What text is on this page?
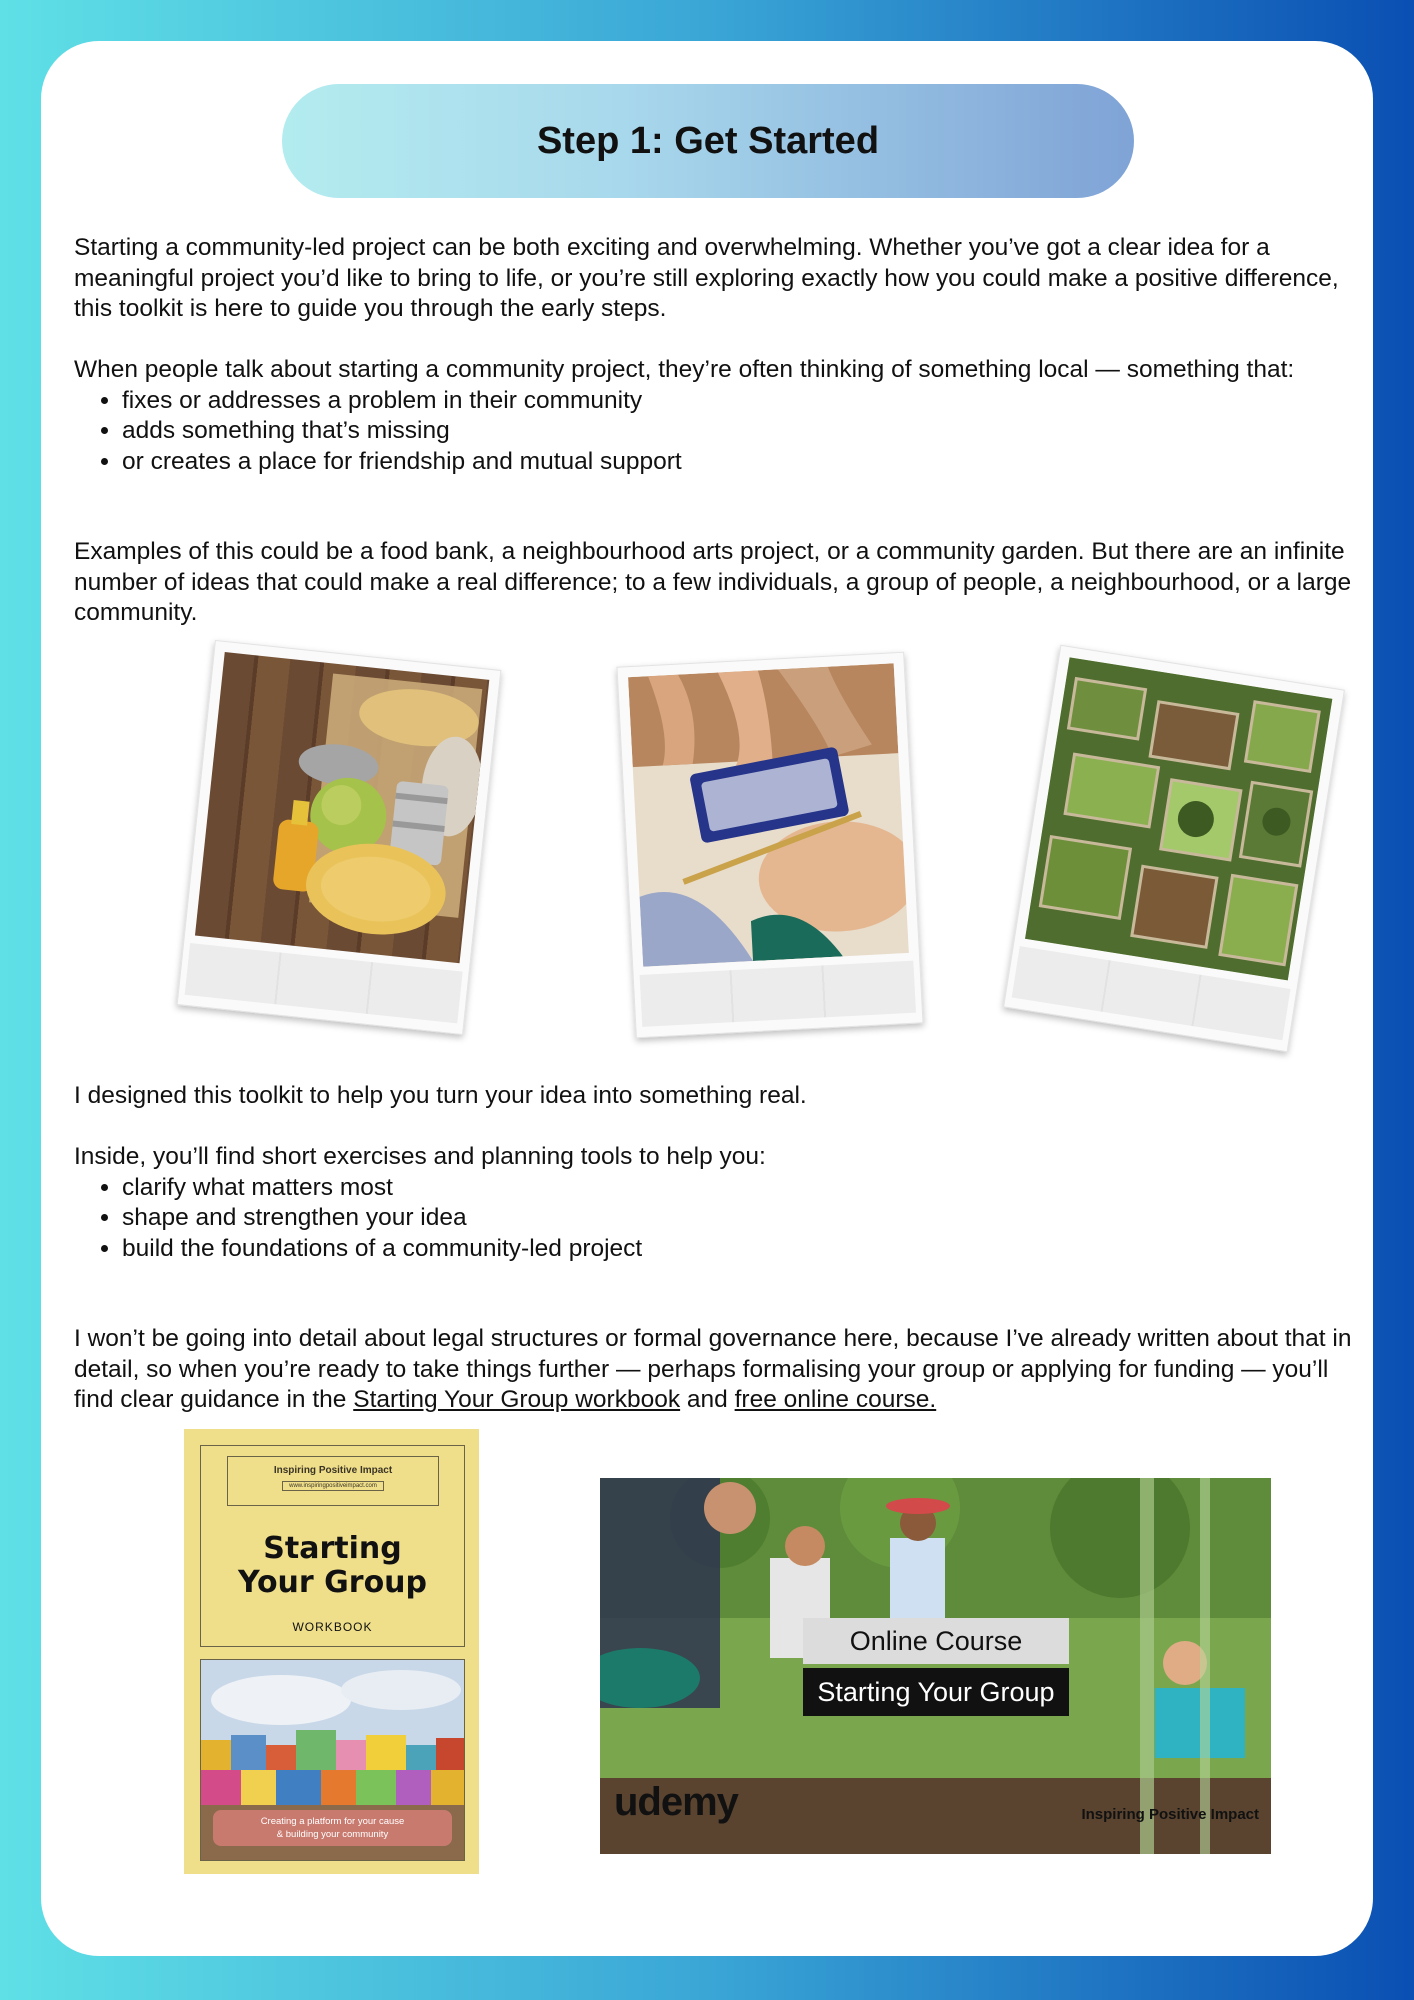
Step 1: Get Started

Starting a community-led project can be both exciting and overwhelming. Whether you’ve got a clear idea for a meaningful project you’d like to bring to life, or you’re still exploring exactly how you could make a positive difference, this toolkit is here to guide you through the early steps.

When people talk about starting a community project, they’re often thinking of something local — something that:

• fixes or addresses a problem in their community
• adds something that’s missing
• or creates a place for friendship and mutual support

Examples of this could be a food bank, a neighbourhood arts project, or a community garden. But there are an infinite number of ideas that could make a real difference; to a few individuals, a group of people, a neighbourhood, or a large community.

I designed this toolkit to help you turn your idea into something real.

Inside, you’ll find short exercises and planning tools to help you:

• clarify what matters most
• shape and strengthen your idea
• build the foundations of a community-led project

I won’t be going into detail about legal structures or formal governance here, because I’ve already written about that in detail, so when you’re ready to take things further — perhaps formalising your group or applying for funding — you’ll find clear guidance in the Starting Your Group workbook and free online course.

Inspiring Positive Impact
www.inspiringpositiveimpact.com
Starting
Your Group
WORKBOOK
Creating a platform for your cause
& building your community
Online Course
Starting Your Group
udemy	Inspiring Positive Impact
